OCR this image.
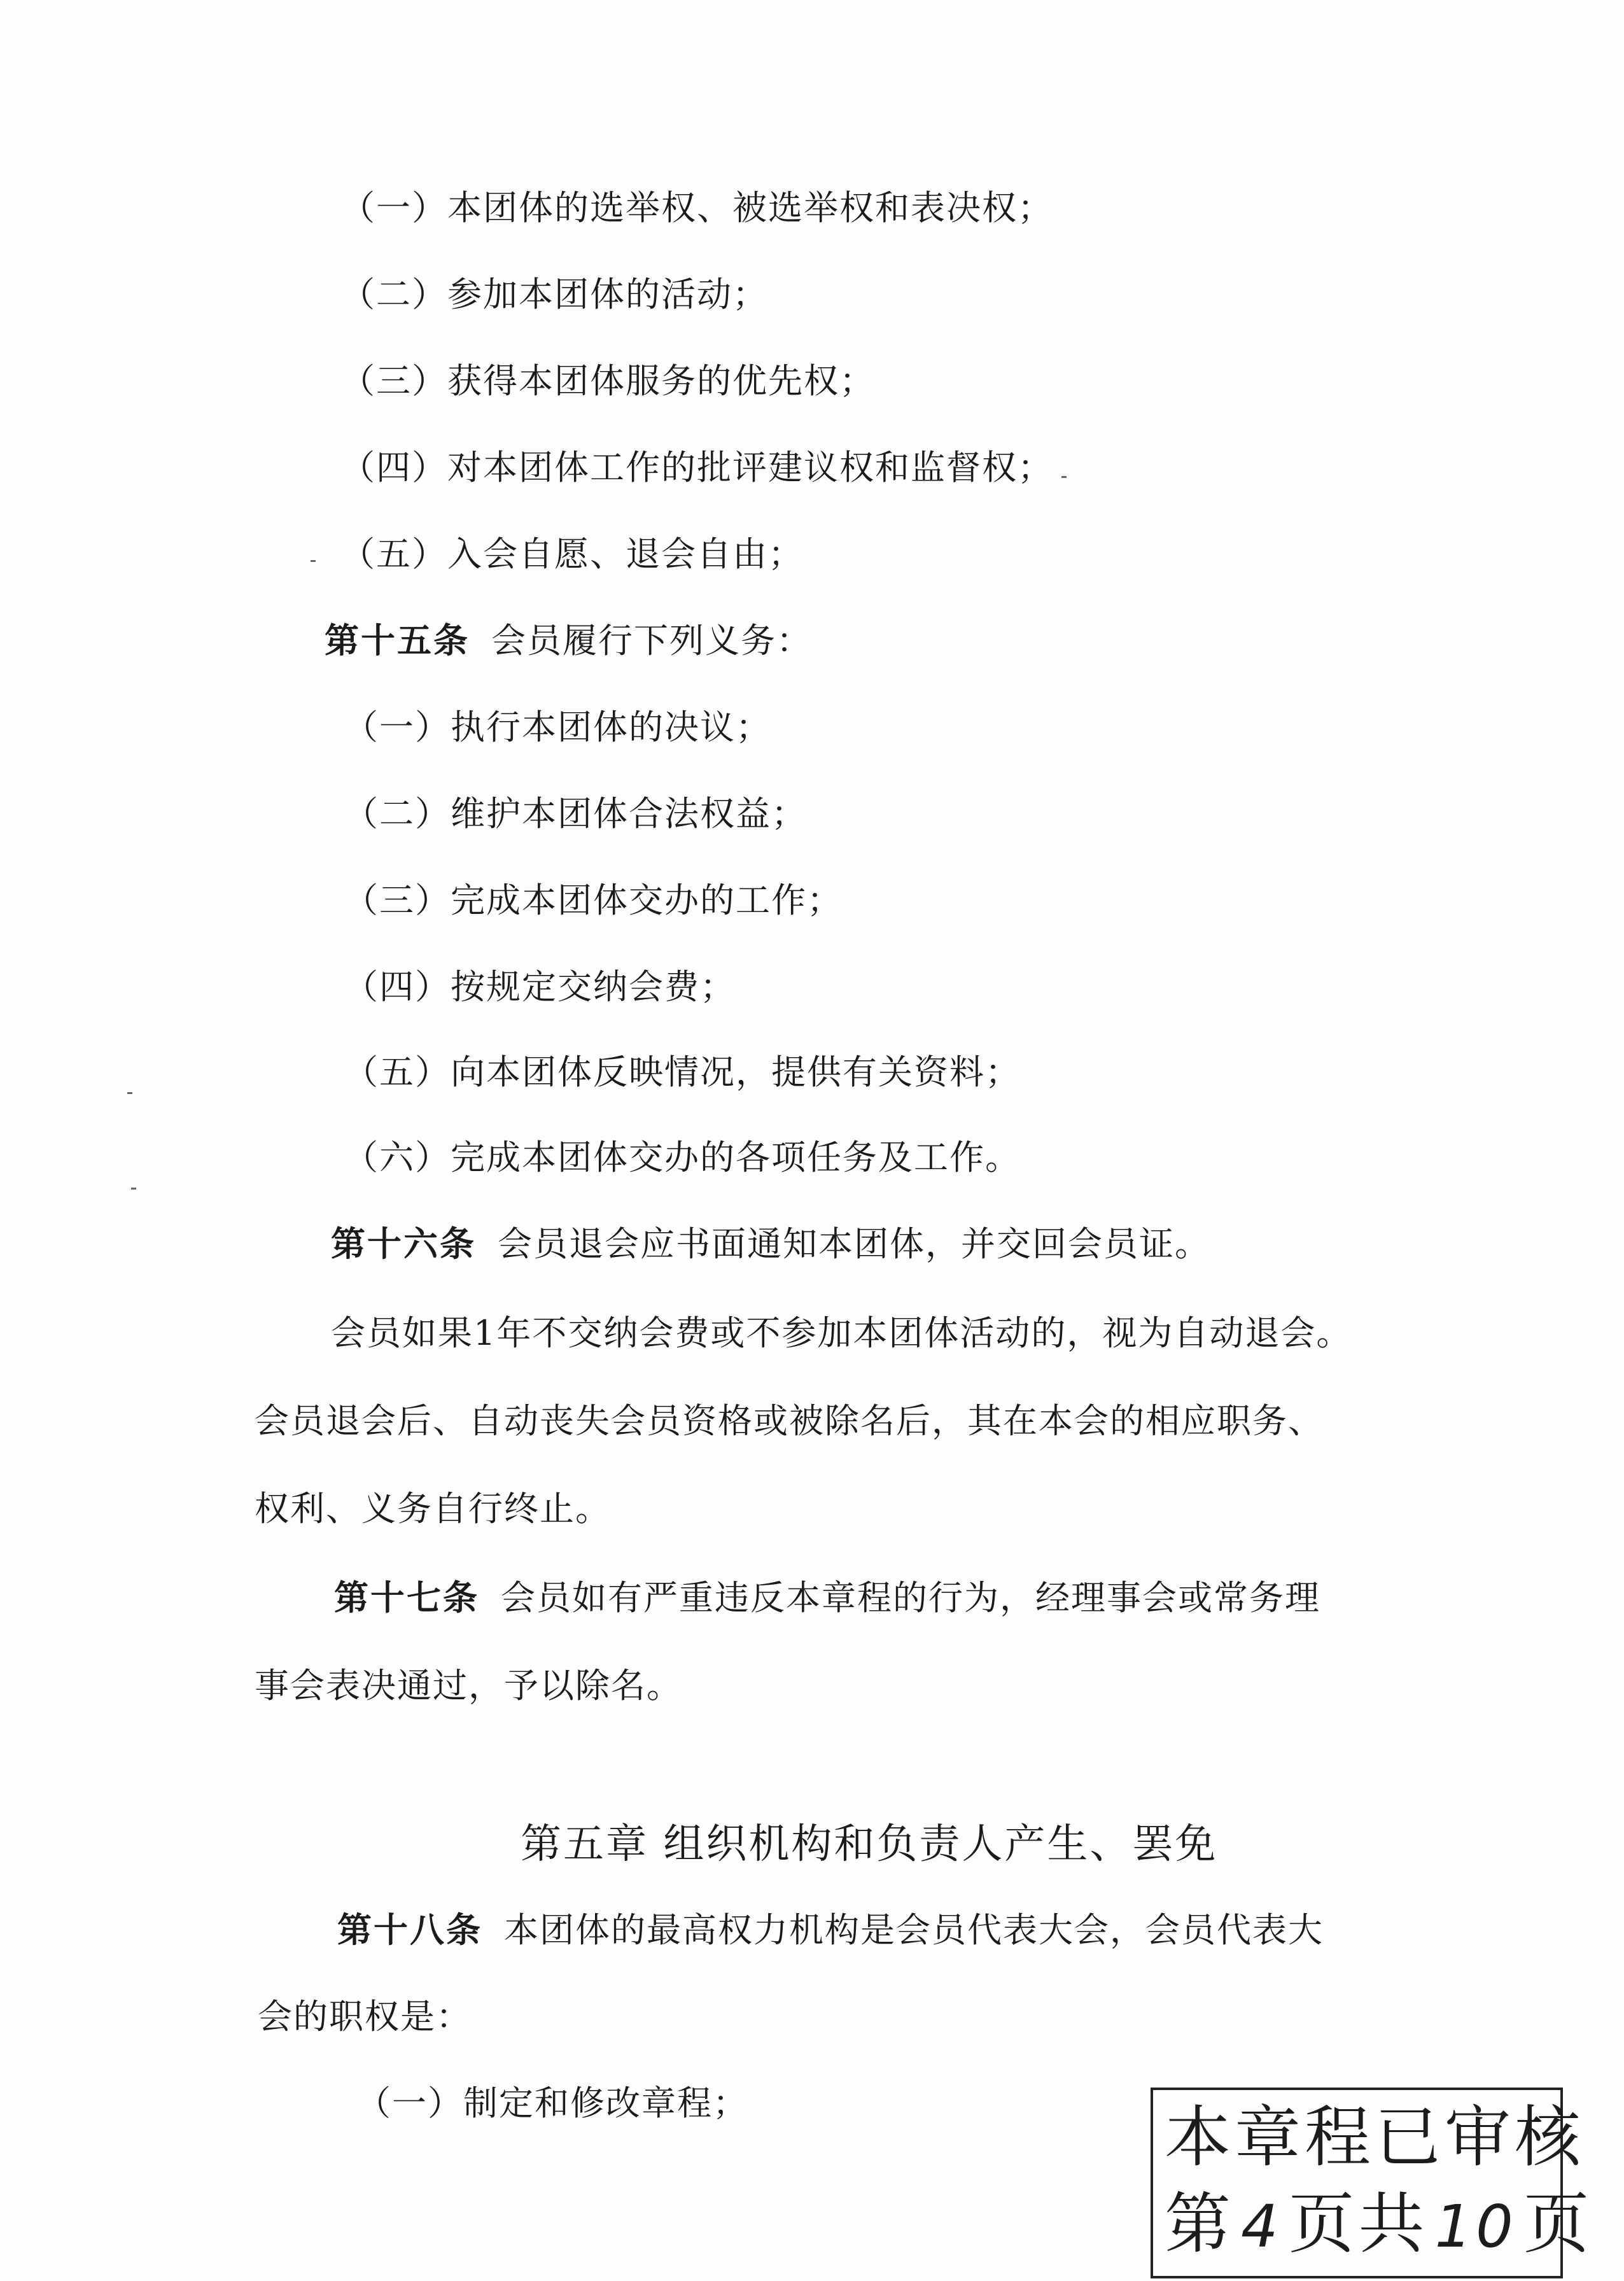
（一）本团体的选举权、被选举权和表决权；
（二）参加本团体的活动；
（三）获得本团体服务的优先权；
（四）对本团体工作的批评建议权和监督权；
（五）入会自愿、退会自由；
第十五条 会员履行下列义务：
（一）执行本团体的决议；
（二）维护本团体合法权益；
（三）完成本团体交办的工作；
（四）按规定交纳会费；
（五）向本团体反映情况，提供有关资料；
（六）完成本团体交办的各项任务及工作。
第十六条 会员退会应书面通知本团体，并交回会员证。
会员如果1年不交纳会费或不参加本团体活动的，视为自动退会。
会员退会后、自动丧失会员资格或被除名后，其在本会的相应职务、
权利、义务自行终止。
第十七条 会员如有严重违反本章程的行为，经理事会或常务理
事会表决通过，予以除名。
第五章 组织机构和负责人产生、罢免
第十八条 本团体的最高权力机构是会员代表大会，会员代表大
会的职权是：
（一）制定和修改章程；	本章程已审核
第 4页共 10页
